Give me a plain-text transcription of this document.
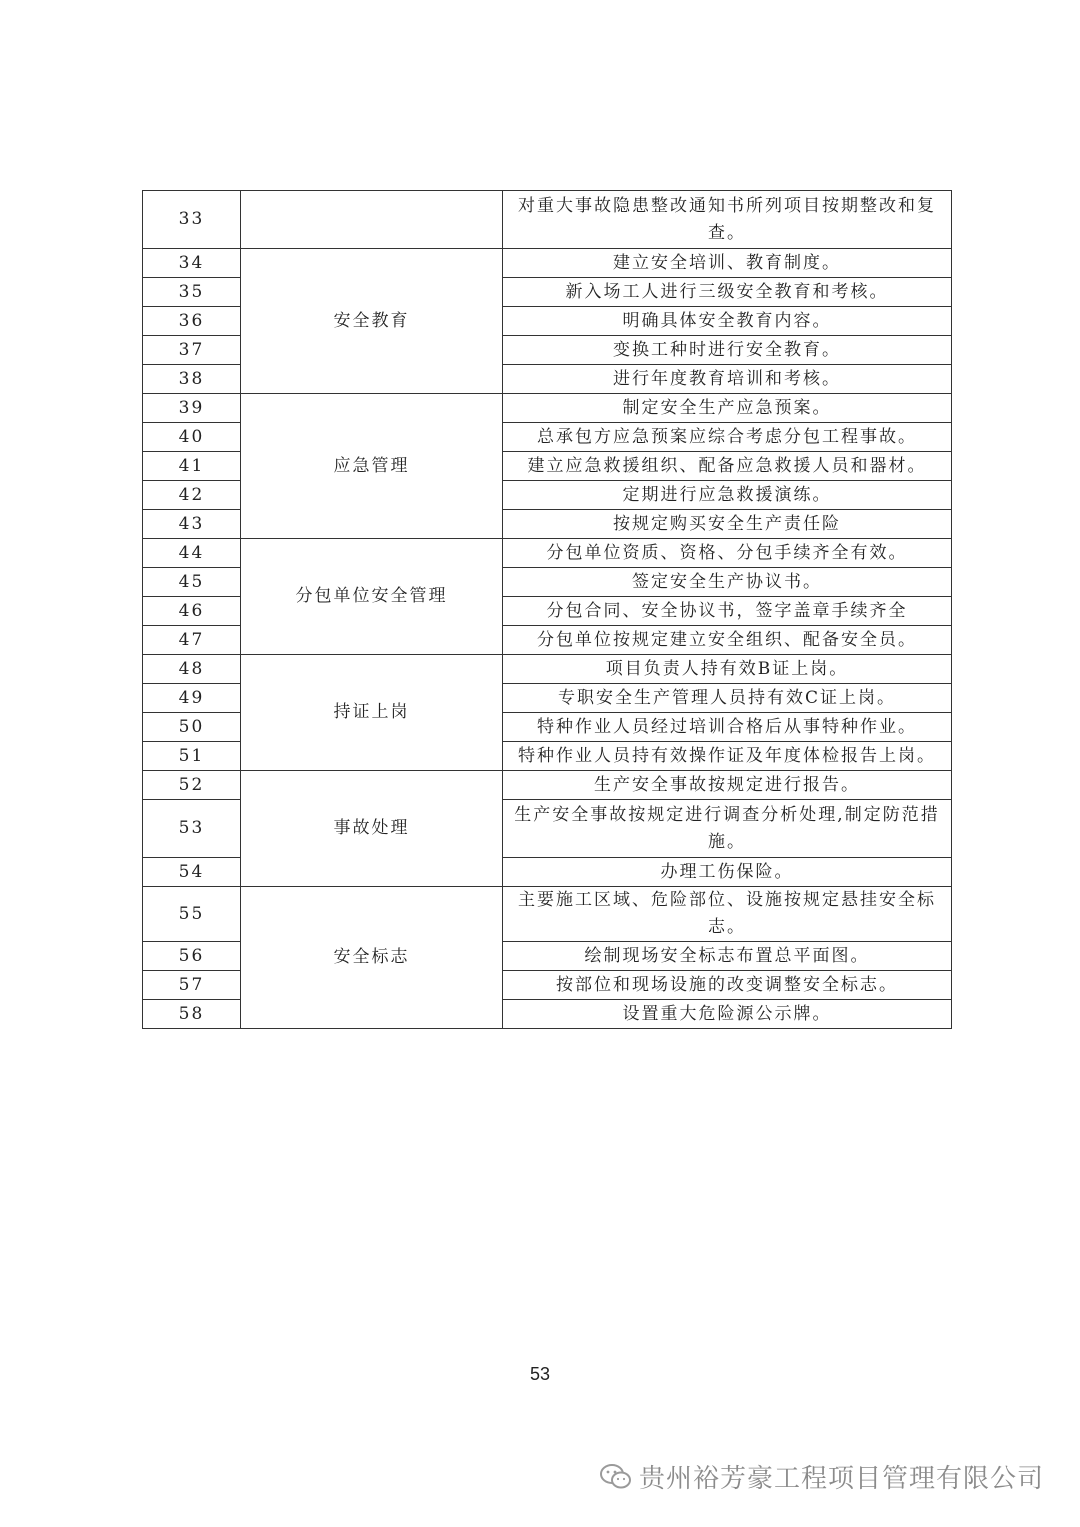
33		对重大事故隐患整改通知书所列项目按期整改和复查。
34	安全教育	建立安全培训、教育制度。
35		新入场工人进行三级安全教育和考核。
36		明确具体安全教育内容。
37		变换工种时进行安全教育。
38		进行年度教育培训和考核。
39	应急管理	制定安全生产应急预案。
40		总承包方应急预案应综合考虑分包工程事故。
41		建立应急救援组织、配备应急救援人员和器材。
42		定期进行应急救援演练。
43		按规定购买安全生产责任险
44	分包单位安全管理	分包单位资质、资格、分包手续齐全有效。
45		签定安全生产协议书。
46		分包合同、安全协议书，签字盖章手续齐全
47		分包单位按规定建立安全组织、配备安全员。
48	持证上岗	项目负责人持有效B证上岗。
49		专职安全生产管理人员持有效C证上岗。
50		特种作业人员经过培训合格后从事特种作业。
51		特种作业人员持有效操作证及年度体检报告上岗。
52	事故处理	生产安全事故按规定进行报告。
53		生产安全事故按规定进行调查分析处理,制定防范措施。
54		办理工伤保险。
55	安全标志	主要施工区域、危险部位、设施按规定悬挂安全标志。
56		绘制现场安全标志布置总平面图。
57		按部位和现场设施的改变调整安全标志。
58		设置重大危险源公示牌。
53
贵州裕芳豪工程项目管理有限公司
